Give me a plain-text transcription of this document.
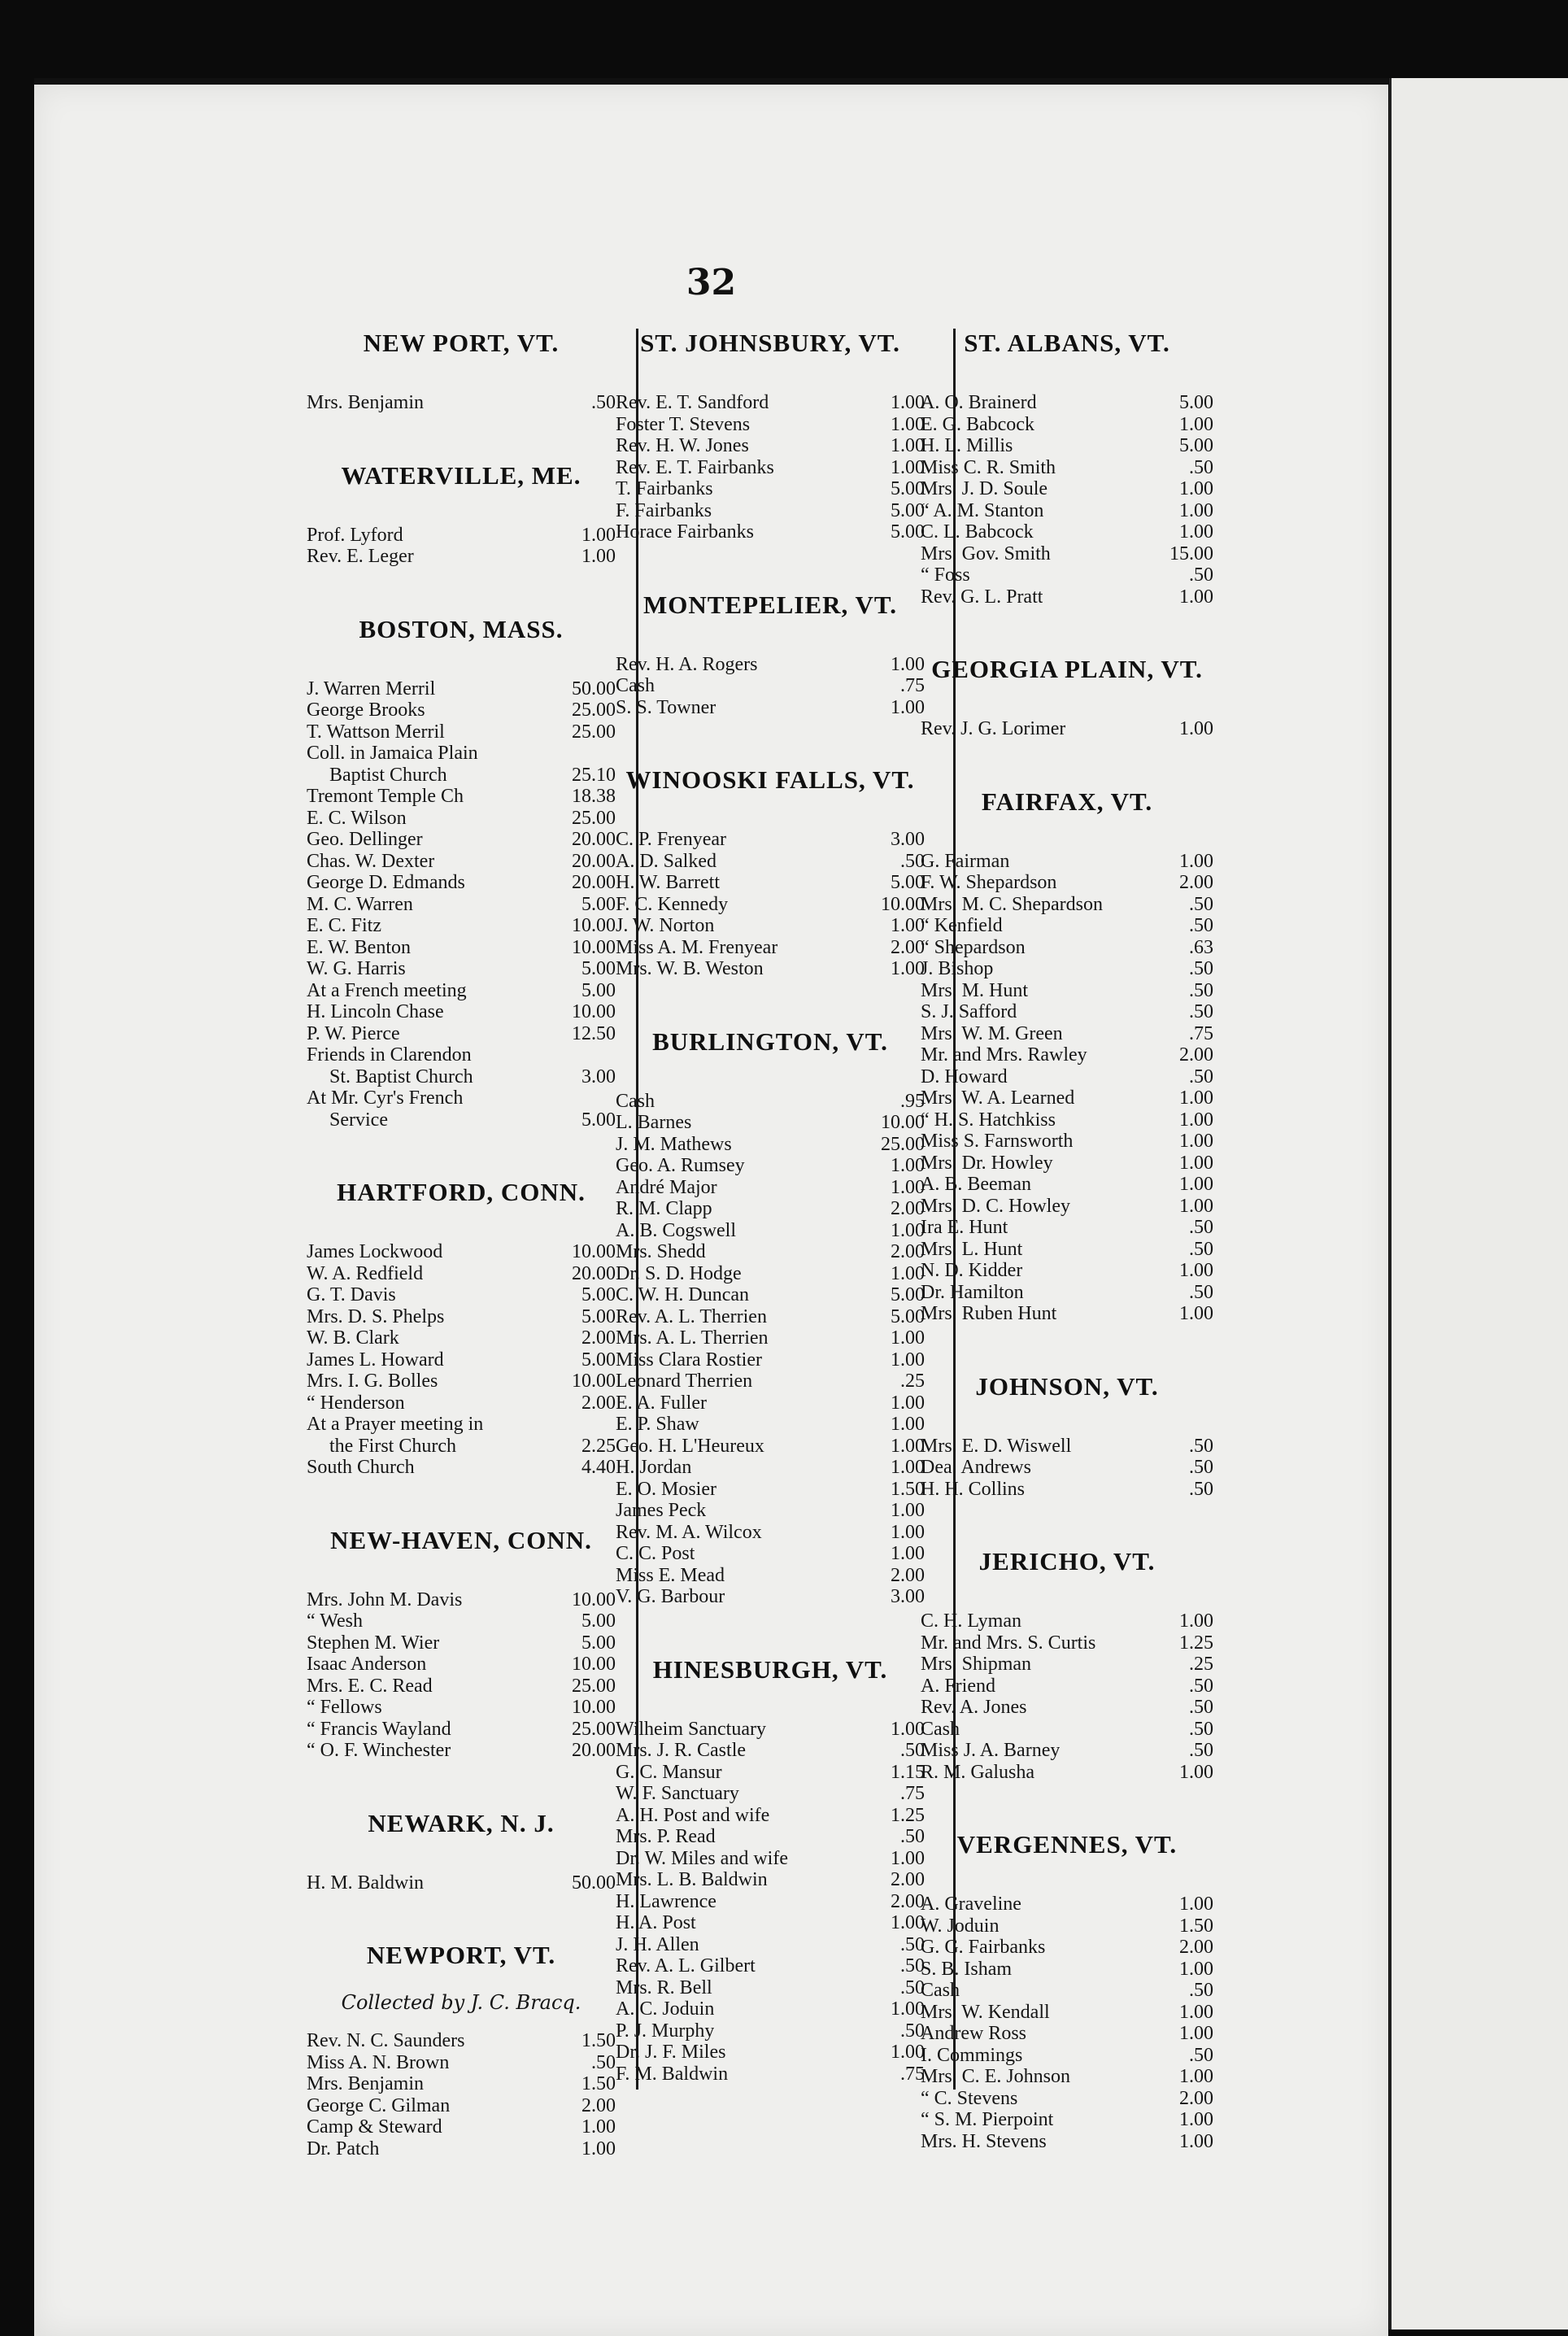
32
NEW PORT, VT.
Mrs. Benjamin	.50
WATERVILLE, ME.
Prof. Lyford	1.00
Rev. E. Leger	1.00
BOSTON, MASS.
J. Warren Merril	50.00
George Brooks	25.00
T. Wattson Merril	25.00
Coll. in Jamaica Plain
Baptist Church	25.10
Tremont Temple Ch	18.38
E. C. Wilson	25.00
Geo. Dellinger	20.00
Chas. W. Dexter	20.00
George D. Edmands	20.00
M. C. Warren	5.00
E. C. Fitz	10.00
E. W. Benton	10.00
W. G. Harris	5.00
At a French meeting	5.00
H. Lincoln Chase	10.00
P. W. Pierce	12.50
Friends in Clarendon
St. Baptist Church	3.00
At Mr. Cyr's French
Service	5.00
HARTFORD, CONN.
James Lockwood	10.00
W. A. Redfield	20.00
G. T. Davis	5.00
Mrs. D. S. Phelps	5.00
W. B. Clark	2.00
James L. Howard	5.00
Mrs. I. G. Bolles	10.00
“ Henderson	2.00
At a Prayer meeting in
the First Church	2.25
South Church	4.40
NEW-HAVEN, CONN.
Mrs. John M. Davis	10.00
“ Wesh	5.00
Stephen M. Wier	5.00
Isaac Anderson	10.00
Mrs. E. C. Read	25.00
“ Fellows	10.00
“ Francis Wayland	25.00
“ O. F. Winchester	20.00
NEWARK, N. J.
H. M. Baldwin	50.00
NEWPORT, VT.
Collected by J. C. Bracq.
Rev. N. C. Saunders	1.50
Miss A. N. Brown	.50
Mrs. Benjamin	1.50
George C. Gilman	2.00
Camp & Steward	1.00
Dr. Patch	1.00
ST. JOHNSBURY, VT.
Rev. E. T. Sandford	1.00
Foster T. Stevens	1.00
Rev. H. W. Jones	1.00
Rev. E. T. Fairbanks	1.00
T. Fairbanks	5.00
F. Fairbanks	5.00
Horace Fairbanks	5.00
MONTEPELIER, VT.
Rev. H. A. Rogers	1.00
Cash	.75
S. S. Towner	1.00
WINOOSKI FALLS, VT.
C. P. Frenyear	3.00
A. D. Salked	.50
H. W. Barrett	5.00
F. C. Kennedy	10.00
J. W. Norton	1.00
Miss A. M. Frenyear	2.00
Mrs. W. B. Weston	1.00
BURLINGTON, VT.
Cash	.95
L. Barnes	10.00
J. M. Mathews	25.00
Geo. A. Rumsey	1.00
André Major	1.00
R. M. Clapp	2.00
A. B. Cogswell	1.00
Mrs. Shedd	2.00
Dr. S. D. Hodge	1.00
C. W. H. Duncan	5.00
Rev. A. L. Therrien	5.00
Mrs. A. L. Therrien	1.00
Miss Clara Rostier	1.00
Leonard Therrien	.25
E. A. Fuller	1.00
E. P. Shaw	1.00
Geo. H. L'Heureux	1.00
H. Jordan	1.00
E. O. Mosier	1.50
James Peck	1.00
Rev. M. A. Wilcox	1.00
C. C. Post	1.00
Miss E. Mead	2.00
V. G. Barbour	3.00
HINESBURGH, VT.
Wilheim Sanctuary	1.00
Mrs. J. R. Castle	.50
G. C. Mansur	1.15
W. F. Sanctuary	.75
A. H. Post and wife	1.25
Mrs. P. Read	.50
Dr. W. Miles and wife	1.00
Mrs. L. B. Baldwin	2.00
H. Lawrence	2.00
H. A. Post	1.00
J. H. Allen	.50
Rev. A. L. Gilbert	.50
Mrs. R. Bell	.50
A. C. Joduin	1.00
P. J. Murphy	.50
Dr. J. F. Miles	1.00
F. M. Baldwin	.75
ST. ALBANS, VT.
A. O. Brainerd	5.00
E. G. Babcock	1.00
H. L. Millis	5.00
Miss C. R. Smith	.50
Mrs. J. D. Soule	1.00
“ A. M. Stanton	1.00
C. L. Babcock	1.00
Mrs. Gov. Smith	15.00
“ Foss	.50
Rev. G. L. Pratt	1.00
GEORGIA PLAIN, VT.
Rev. J. G. Lorimer	1.00
FAIRFAX, VT.
G. Fairman	1.00
F. W. Shepardson	2.00
Mrs. M. C. Shepardson	.50
“ Kenfield	.50
“ Shepardson	.63
J. Bishop	.50
Mrs. M. Hunt	.50
S. J. Safford	.50
Mrs. W. M. Green	.75
Mr. and Mrs. Rawley	2.00
D. Howard	.50
Mrs. W. A. Learned	1.00
“ H. S. Hatchkiss	1.00
Miss S. Farnsworth	1.00
Mrs. Dr. Howley	1.00
A. B. Beeman	1.00
Mrs. D. C. Howley	1.00
Ira E. Hunt	.50
Mrs. L. Hunt	.50
N. D. Kidder	1.00
Dr. Hamilton	.50
Mrs. Ruben Hunt	1.00
JOHNSON, VT.
Mrs. E. D. Wiswell	.50
Dea. Andrews	.50
H. H. Collins	.50
JERICHO, VT.
C. H. Lyman	1.00
Mr. and Mrs. S. Curtis	1.25
Mrs. Shipman	.25
A. Friend	.50
Rev. A. Jones	.50
Cash	.50
Miss J. A. Barney	.50
R. M. Galusha	1.00
VERGENNES, VT.
A. Graveline	1.00
W. Joduin	1.50
G. G. Fairbanks	2.00
S. B. Isham	1.00
Cash	.50
Mrs. W. Kendall	1.00
Andrew Ross	1.00
I. Commings	.50
Mrs. C. E. Johnson	1.00
“ C. Stevens	2.00
“ S. M. Pierpoint	1.00
Mrs. H. Stevens	1.00
